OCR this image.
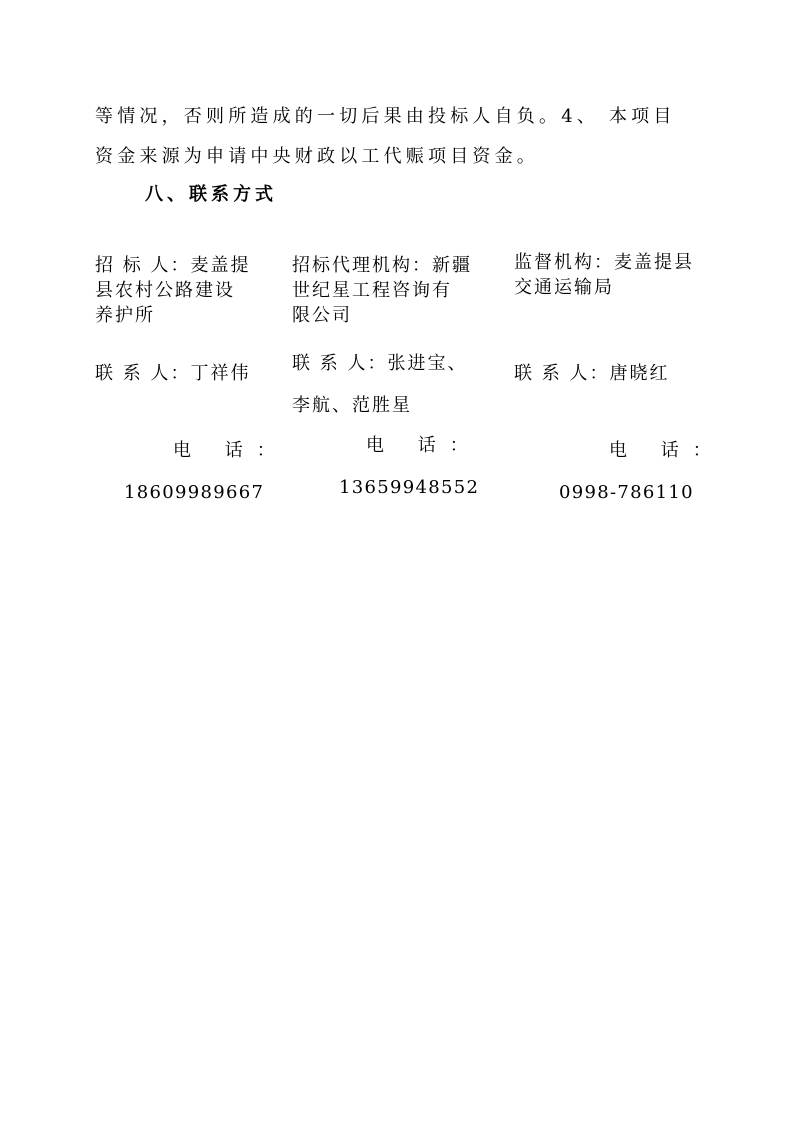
等情况，否则所造成的一切后果由投标人自负。4、 本项目
资金来源为申请中央财政以工代赈项目资金。
八、联系方式
招 标 人：麦盖提
县农村公路建设
养护所
联 系 人：丁祥伟
电 话：
18609989667
招标代理机构：新疆
世纪星工程咨询有
限公司
联 系 人：张进宝、
李航、范胜星
电 话：
13659948552
监督机构：麦盖提县
交通运输局
联 系 人：唐晓红
电 话：
0998-786110
